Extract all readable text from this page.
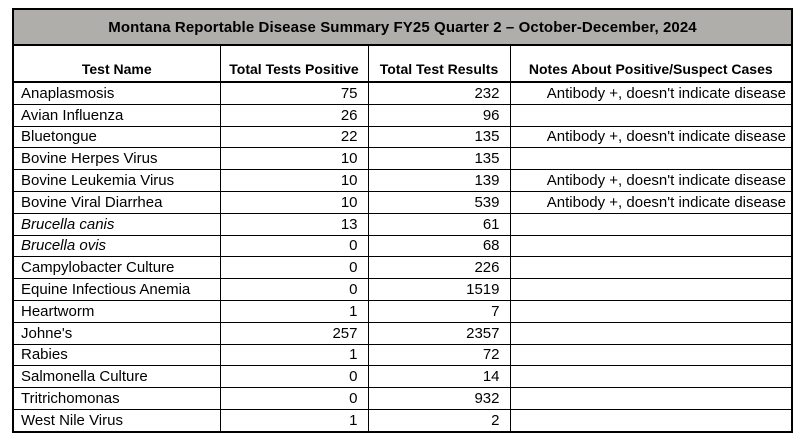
Montana Reportable Disease Summary FY25 Quarter 2 – October-December, 2024			
Test Name	Total Tests Positive	Total Test Results	Notes About Positive/Suspect Cases
Anaplasmosis	75	232	Antibody +, doesn't indicate disease
Avian Influenza	26	96	
Bluetongue	22	135	Antibody +, doesn't indicate disease
Bovine Herpes Virus	10	135	
Bovine Leukemia Virus	10	139	Antibody +, doesn't indicate disease
Bovine Viral Diarrhea	10	539	Antibody +, doesn't indicate disease
Brucella canis	13	61	
Brucella ovis	0	68	
Campylobacter Culture	0	226	
Equine Infectious Anemia	0	1519	
Heartworm	1	7	
Johne's	257	2357	
Rabies	1	72	
Salmonella Culture	0	14	
Tritrichomonas	0	932	
West Nile Virus	1	2	
